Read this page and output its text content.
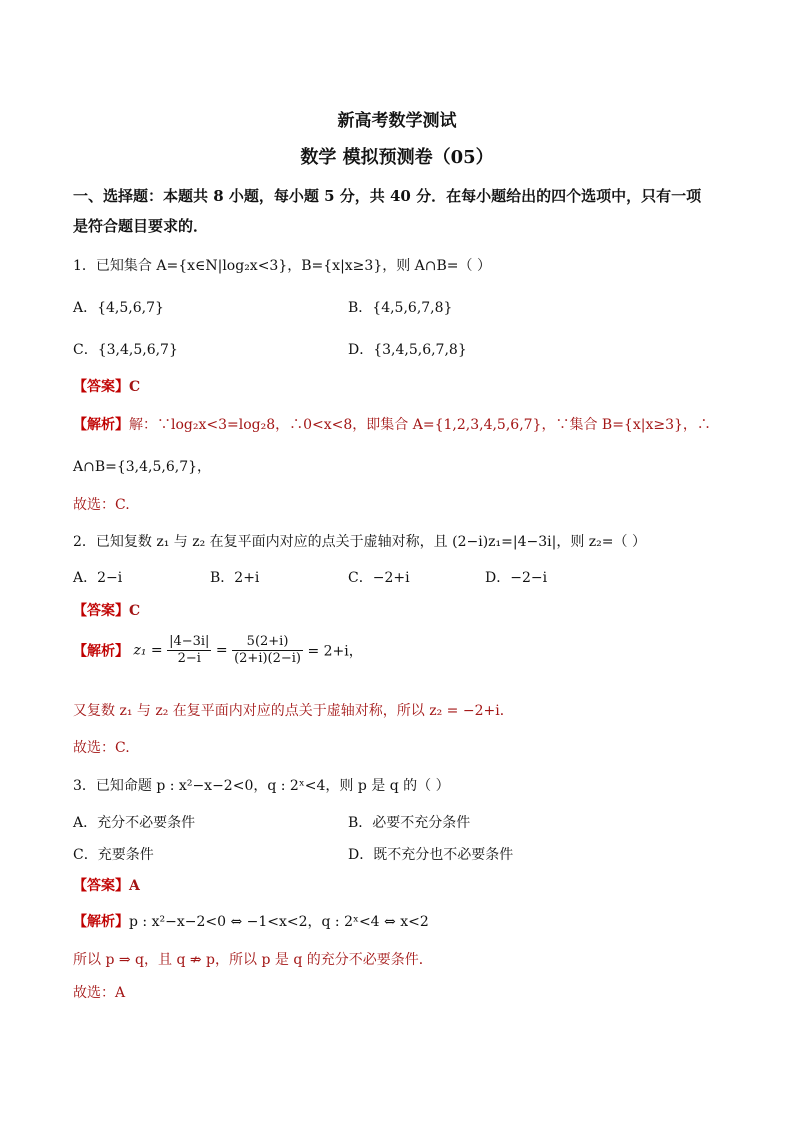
新高考数学测试
数学 模拟预测卷（05）
一、选择题：本题共 8 小题，每小题 5 分，共 40 分．在每小题给出的四个选项中，只有一项
是符合题目要求的．
1．已知集合 A={x∈N|log₂x<3}，B={x|x≥3}，则 A∩B=（ ）
A．{4,5,6,7}	B．{4,5,6,7,8}
C．{3,4,5,6,7}	D．{3,4,5,6,7,8}
【答案】C
【解析】解：∵log₂x<3=log₂8，∴0<x<8，即集合 A={1,2,3,4,5,6,7}，∵集合 B={x|x≥3}，∴
A∩B={3,4,5,6,7}，
故选：C.
2．已知复数 z₁ 与 z₂ 在复平面内对应的点关于虚轴对称，且 (2−i)z₁=|4−3i|，则 z₂=（ ）
A．2−i	B．2+i	C．−2+i	D．−2−i
【答案】C
【解析】 $z_1 = \frac{|4-3i|}{2-i} = \frac{5(2+i)}{(2+i)(2-i)} = 2+i$，
又复数 z₁ 与 z₂ 在复平面内对应的点关于虚轴对称，所以 z₂ = −2+i．
故选：C.
3．已知命题 p : x²−x−2<0，q : 2ˣ<4，则 p 是 q 的（ ）
A．充分不必要条件	B．必要不充分条件
C．充要条件	D．既不充分也不必要条件
【答案】A
【解析】p : x²−x−2<0 ⇔ −1<x<2，q : 2ˣ<4 ⇔ x<2
所以 p ⇒ q，且 q ⇏ p，所以 p 是 q 的充分不必要条件．
故选：A
